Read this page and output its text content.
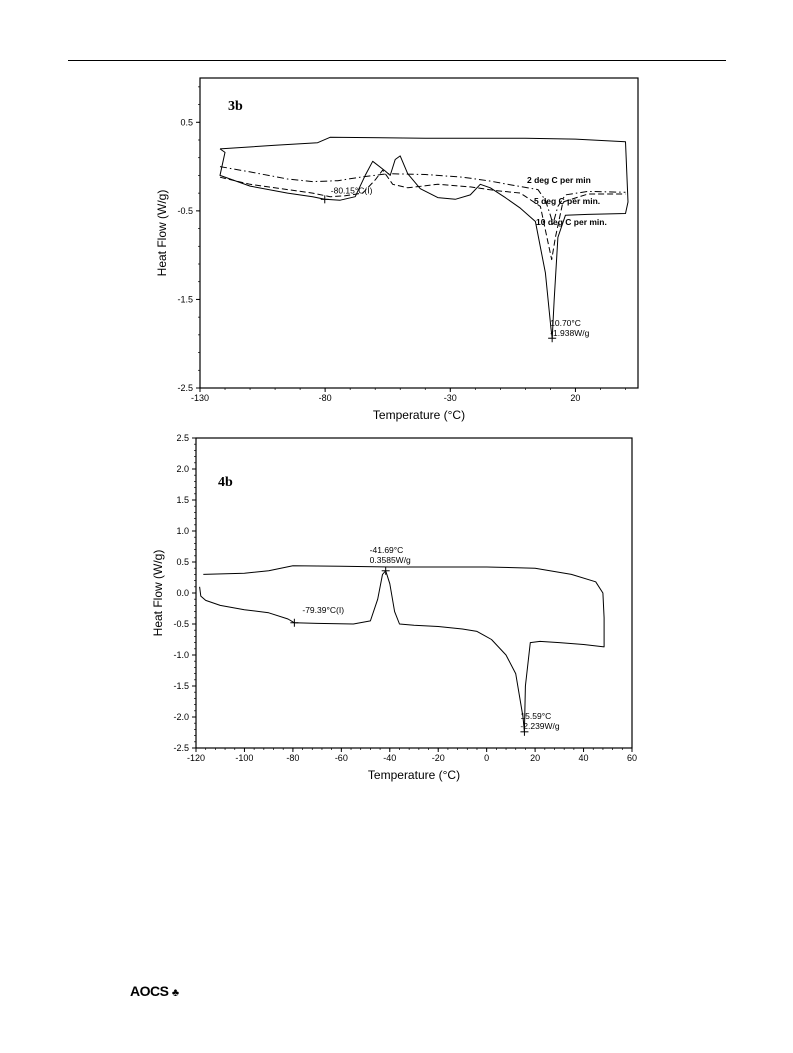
-130	-80	-30	20
0.5
-0.5
-1.5
-2.5
Temperature (°C)
Heat Flow (W/g)
3b
-80.15°C(I)
10.70°C
-1.938W/g
2 deg C per min
5 deg C per min.
10 deg C per min.
-120	-100	-80	-60	-40	-20	0	20	40	60
2.5
2.0
1.5
1.0
0.5
0.0
-0.5
-1.0
-1.5
-2.0
-2.5
Temperature (°C)
Heat Flow (W/g)
4b
-41.69°C
0.3585W/g
-79.39°C(I)
15.59°C
-2.239W/g
AOCS ♣
